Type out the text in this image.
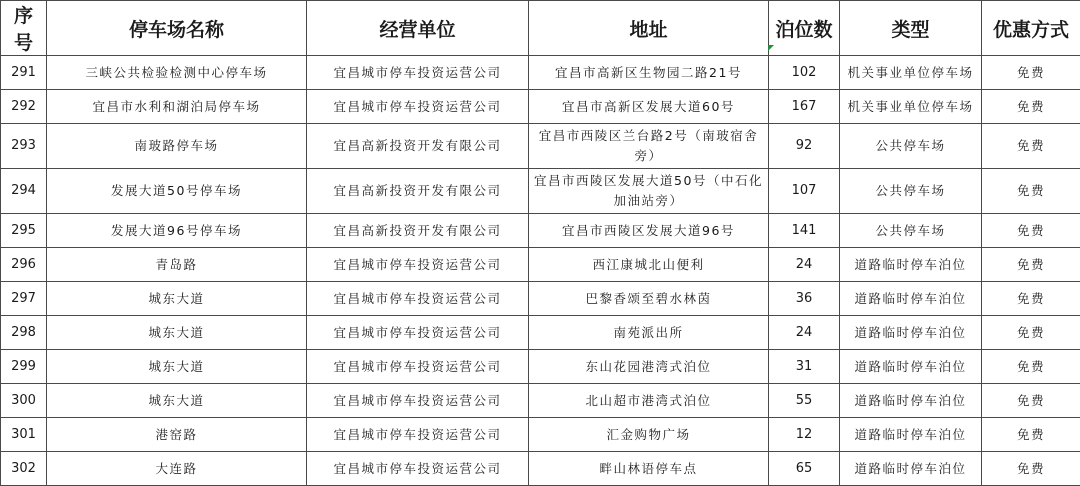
序号	停车场名称	经营单位	地址	泊位数	类型	优惠方式
291	三峡公共检验检测中心停车场	宜昌城市停车投资运营公司	宜昌市高新区生物园二路21号	102	机关事业单位停车场	免费
292	宜昌市水利和湖泊局停车场	宜昌城市停车投资运营公司	宜昌市高新区发展大道60号	167	机关事业单位停车场	免费
293	南玻路停车场	宜昌高新投资开发有限公司	宜昌市西陵区兰台路2号（南玻宿舍旁）	92	公共停车场	免费
294	发展大道50号停车场	宜昌高新投资开发有限公司	宜昌市西陵区发展大道50号（中石化加油站旁）	107	公共停车场	免费
295	发展大道96号停车场	宜昌高新投资开发有限公司	宜昌市西陵区发展大道96号	141	公共停车场	免费
296	青岛路	宜昌城市停车投资运营公司	西江康城北山便利	24	道路临时停车泊位	免费
297	城东大道	宜昌城市停车投资运营公司	巴黎香颂至碧水林茵	36	道路临时停车泊位	免费
298	城东大道	宜昌城市停车投资运营公司	南苑派出所	24	道路临时停车泊位	免费
299	城东大道	宜昌城市停车投资运营公司	东山花园港湾式泊位	31	道路临时停车泊位	免费
300	城东大道	宜昌城市停车投资运营公司	北山超市港湾式泊位	55	道路临时停车泊位	免费
301	港窑路	宜昌城市停车投资运营公司	汇金购物广场	12	道路临时停车泊位	免费
302	大连路	宜昌城市停车投资运营公司	畔山林语停车点	65	道路临时停车泊位	免费
